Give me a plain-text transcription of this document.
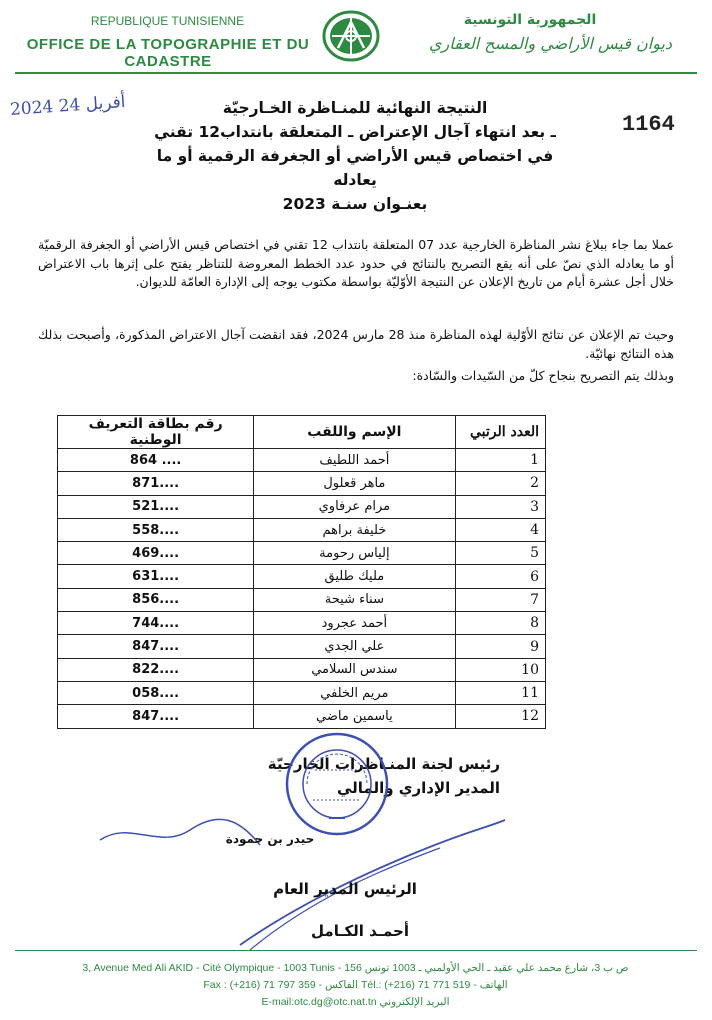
REPUBLIQUE TUNISIENNE
OFFICE DE LA TOPOGRAPHIE ET DU CADASTRE
الجمهورية التونسية
ديوان قيس الأراضي والمسح العقاري
2024 أفريل 24
1164
النتيجة النهائية للمنـاظرة الخـارجيّة
ـ بعد انتهاء آجال الإعتراض ـ المتعلقة بانتداب12 تقني
في اختصاص قيس الأراضي أو الجغرفة الرقمية أو ما يعادله
بعنـوان سنـة 2023
عملا بما جاء ببلاغ نشر المناظرة الخارجية عدد 07 المتعلقة بانتداب 12 تقني في اختصاص قيس الأراضي أو الجغرفة الرقميّة أو ما يعادله الذي نصّ على أنه يقع التصريح بالنتائج في حدود عدد الخطط المعروضة للتناظر يفتح على إثرها باب الاعتراض خلال أجل عشرة أيام من تاريخ الإعلان عن النتيجة الأوّليّة بواسطة مكتوب يوجه إلى الإدارة العامّة للديوان.
وحيث تم الإعلان عن نتائج الأوّلية لهذه المناظرة منذ 28 مارس 2024، فقد انقضت آجال الاعتراض المذكورة، وأصبحت بذلك هذه النتائج نهائيّة.
وبذلك يتم التصريح بنجاح كلّ من السّيدات والسّادة:
العدد الرتبي	الإسم واللقب	رقم بطاقة التعريف الوطنية
1	أحمد اللطيف	864 ....
2	ماهر قعلول	871....
3	مرام عرفاوي	521....
4	خليفة براهم	558....
5	إلياس رحومة	469....
6	مليك طليق	631....
7	سناء شيحة	856....
8	أحمد عجرود	744....
9	علي الجدي	847....
10	سندس السلامي	822....
11	مريم الخلفي	058....
12	ياسمين ماضي	847....
رئيس لجنة المنـاظرات الخارجيّة
المدير الإداري والمالي
حيدر بن حمودة
الرئيس المدير العام
أحمـد الكـامل

3, Avenue Med Ali AKID - Cité Olympique - 1003 Tunis - 156 ص ب 3، شارع محمد علي عقيد ـ الحي الأولمبي ـ 1003 تونس
Fax : (+216) 71 797 359 - الفاكس Tél.: (+216) 71 771 519 - الهاتف
E-mail:otc.dg@otc.nat.tn البريد الإلكتروني
